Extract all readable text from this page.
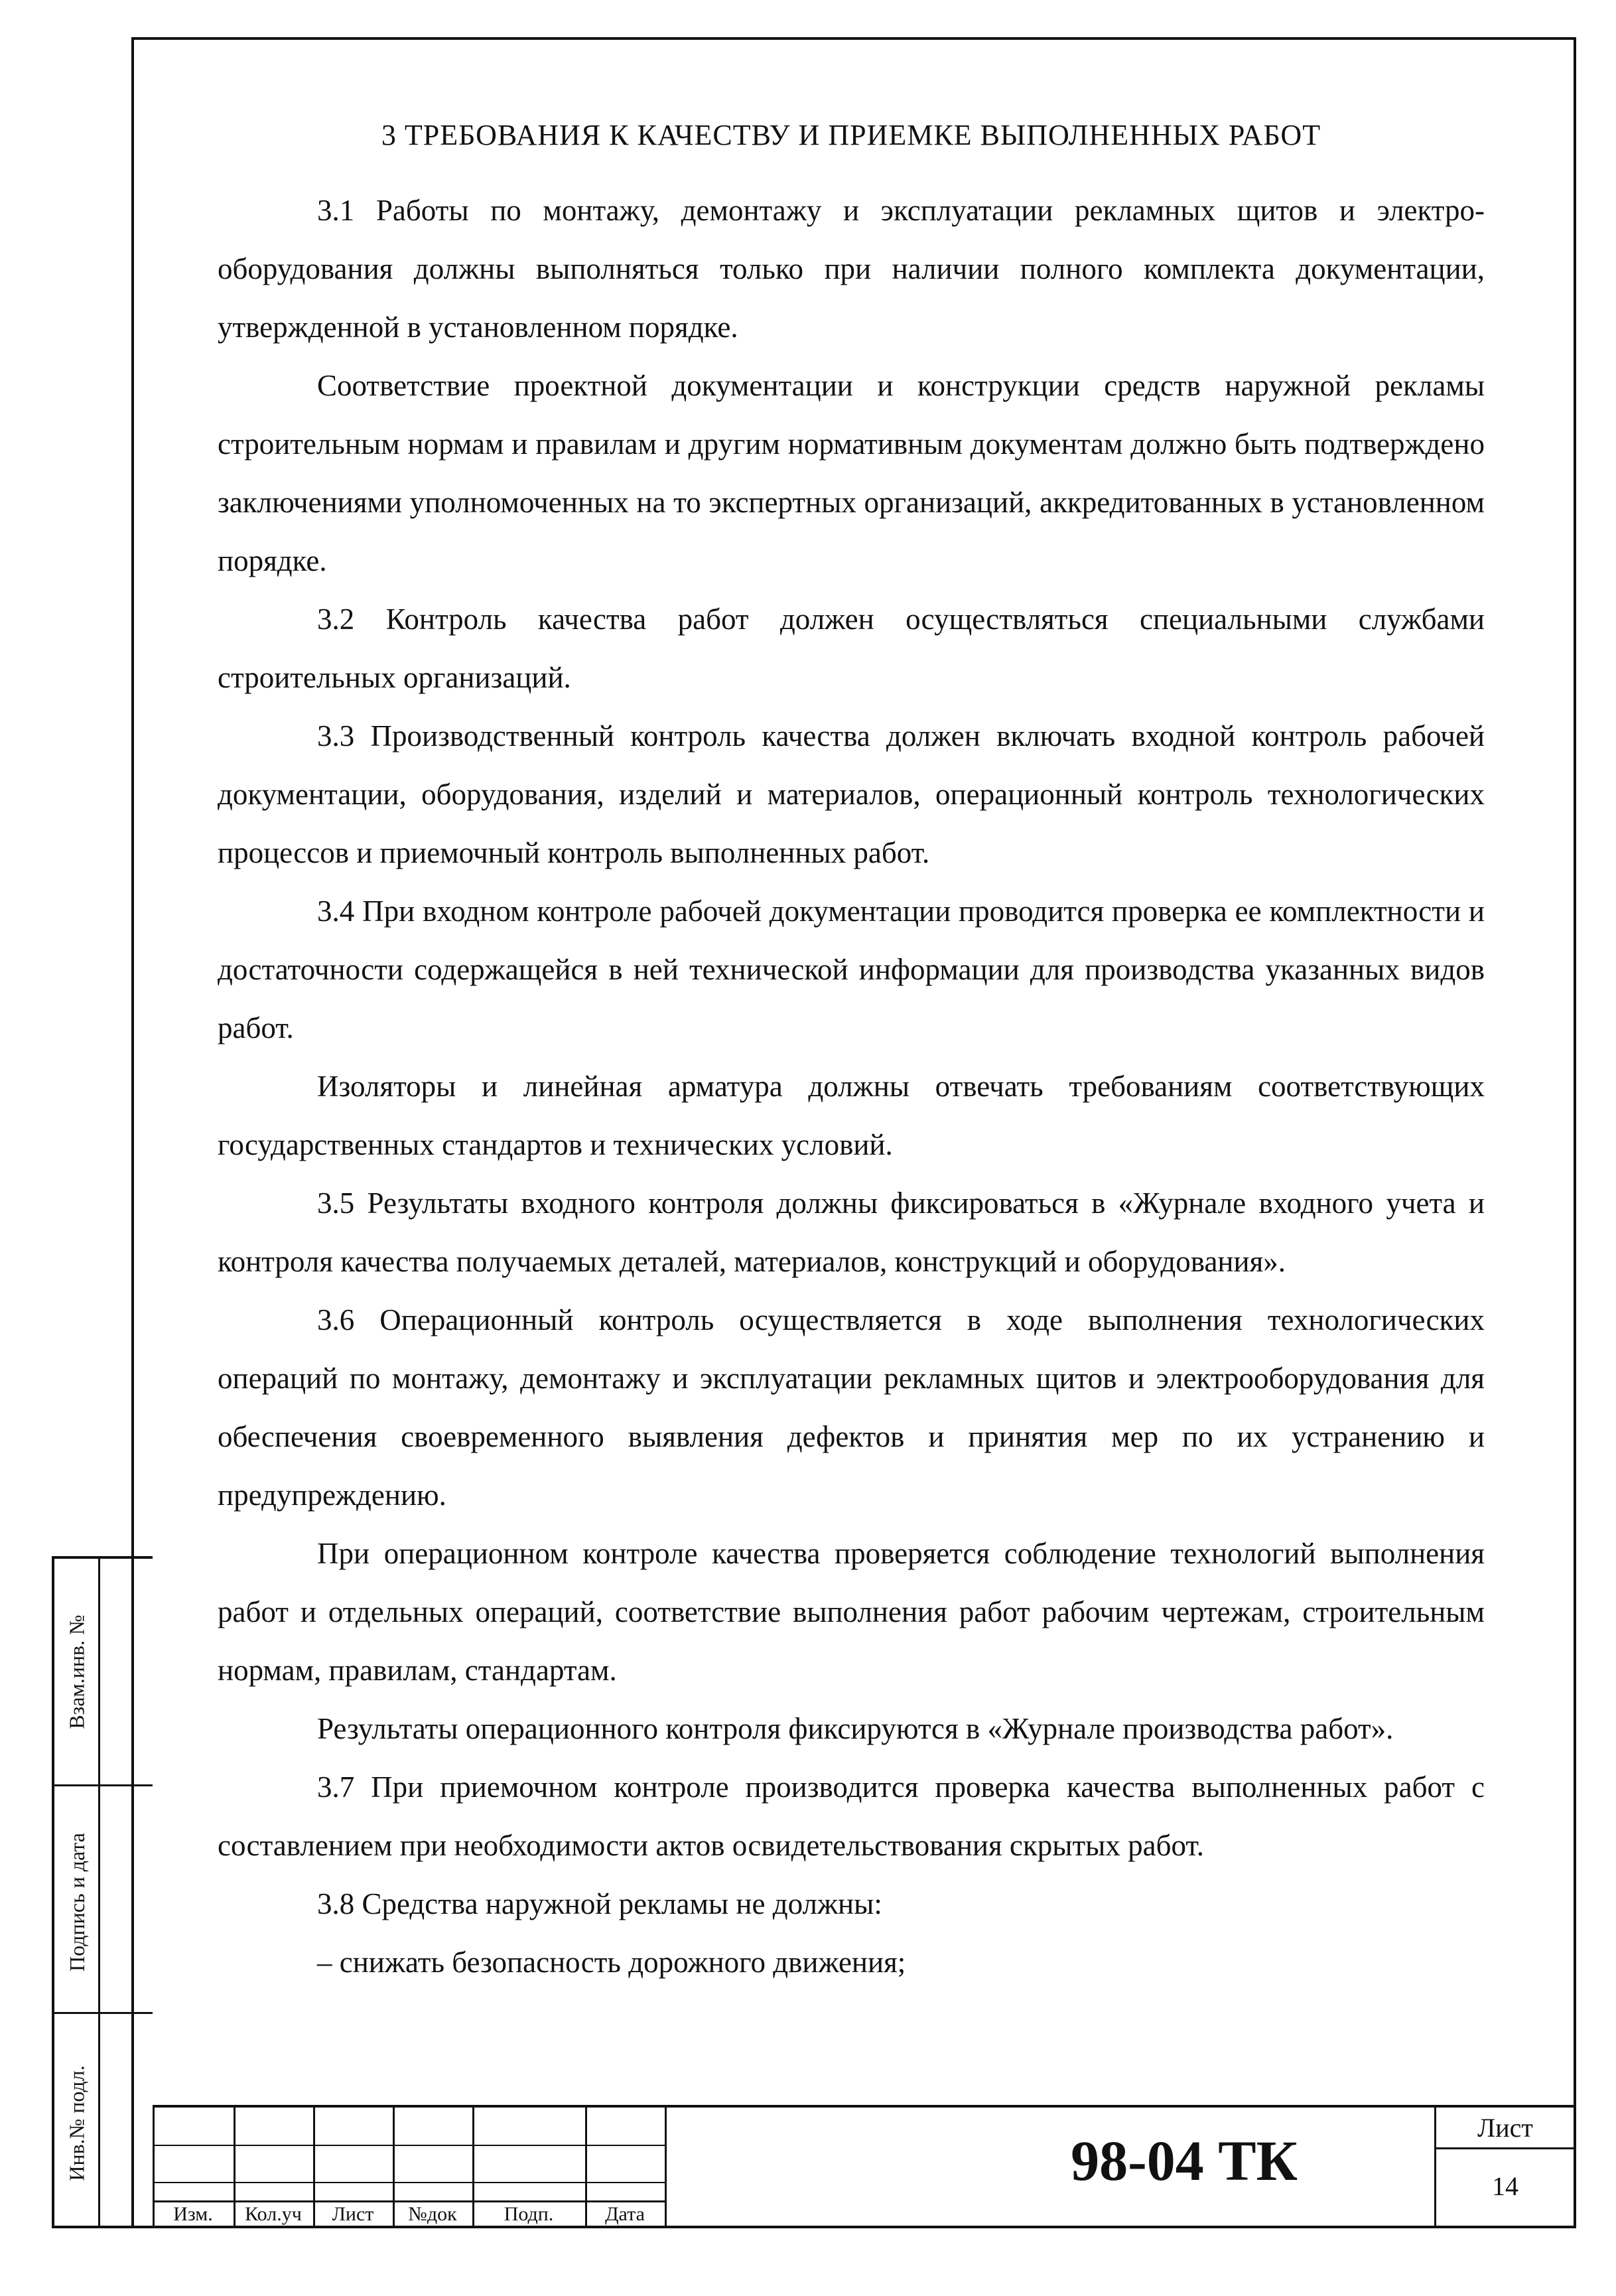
3 ТРЕБОВАНИЯ К КАЧЕСТВУ И ПРИЕМКЕ ВЫПОЛНЕННЫХ РАБОТ

3.1 Работы по монтажу, демонтажу и эксплуатации рекламных щитов и электрооборудования должны выполняться только при наличии полного комплекта документации, утвержденной в установленном порядке.

Соответствие проектной документации и конструкции средств наружной рекламы строительным нормам и правилам и другим нормативным документам должно быть подтверждено заключениями уполномоченных на то экспертных организаций, аккредитованных в установленном порядке.

3.2 Контроль качества работ должен осуществляться специальными службами строительных организаций.

3.3 Производственный контроль качества должен включать входной контроль рабочей документации, оборудования, изделий и материалов, операционный контроль технологических процессов и приемочный контроль выполненных работ.

3.4 При входном контроле рабочей документации проводится проверка ее комплектности и достаточности содержащейся в ней технической информации для производства указанных видов работ.

Изоляторы и линейная арматура должны отвечать требованиям соответствующих государственных стандартов и технических условий.

3.5 Результаты входного контроля должны фиксироваться в «Журнале входного учета и контроля качества получаемых деталей, материалов, конструкций и оборудования».

3.6 Операционный контроль осуществляется в ходе выполнения технологических операций по монтажу, демонтажу и эксплуатации рекламных щитов и электрооборудования для обеспечения своевременного выявления дефектов и принятия мер по их устранению и предупреждению.

При операционном контроле качества проверяется соблюдение технологий выполнения работ и отдельных операций, соответствие выполнения работ рабочим чертежам, строительным нормам, правилам, стандартам.

Результаты операционного контроля фиксируются в «Журнале производства работ».

3.7 При приемочном контроле производится проверка качества выполненных работ с составлением при необходимости актов освидетельствования скрытых работ.

3.8 Средства наружной рекламы не должны:

– снижать безопасность дорожного движения;

Взам.инв. №
Подпись и дата
Инв.№ подл.
Изм.	Кол.уч	Лист	№док	Подп.	Дата
98-04 ТК
Лист
14
